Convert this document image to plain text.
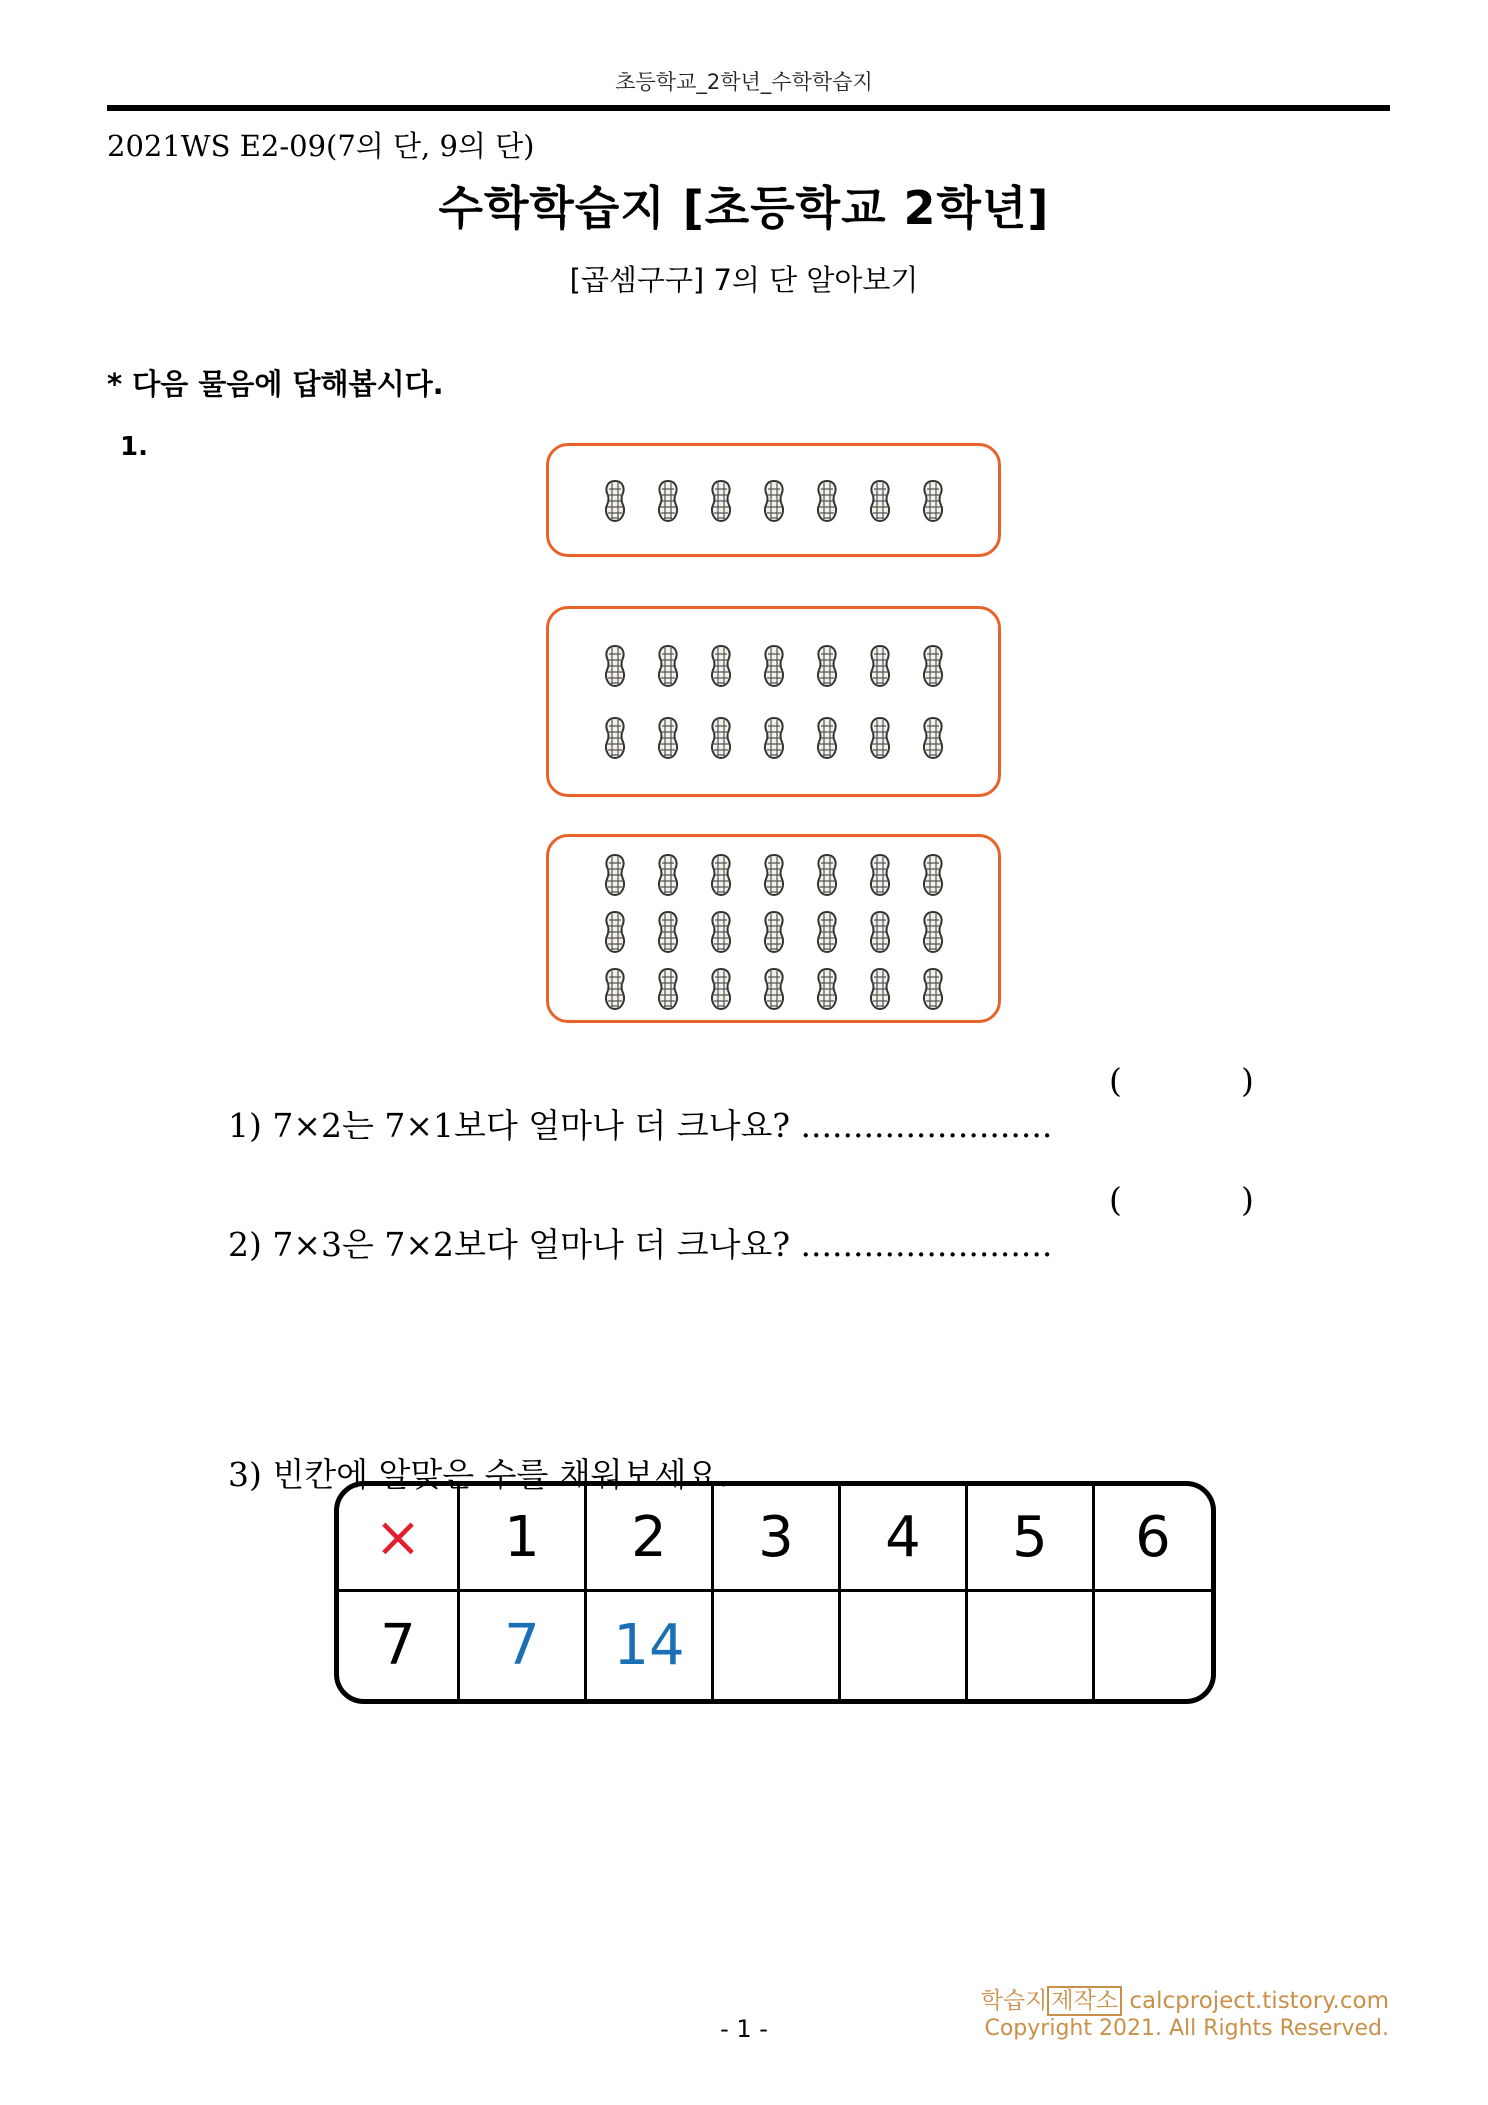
초등학교_2학년_수학학습지
2021WS E2-09(7의 단, 9의 단)
수학학습지 [초등학교 2학년]
[곱셈구구] 7의 단 알아보기
* 다음 물음에 답해봅시다.
1.

1) 7×2는 7×1보다 얼마나 더 크나요? ........................

(

	)

2) 7×3은 7×2보다 얼마나 더 크나요? ........................

(

	)

3) 빈칸에 알맞은 수를 채워보세요.

×	1	2	3	4	5	6
7	7	14
학습지 제작소 calcproject.tistory.com
Copyright 2021. All Rights Reserved.
- 1 -
